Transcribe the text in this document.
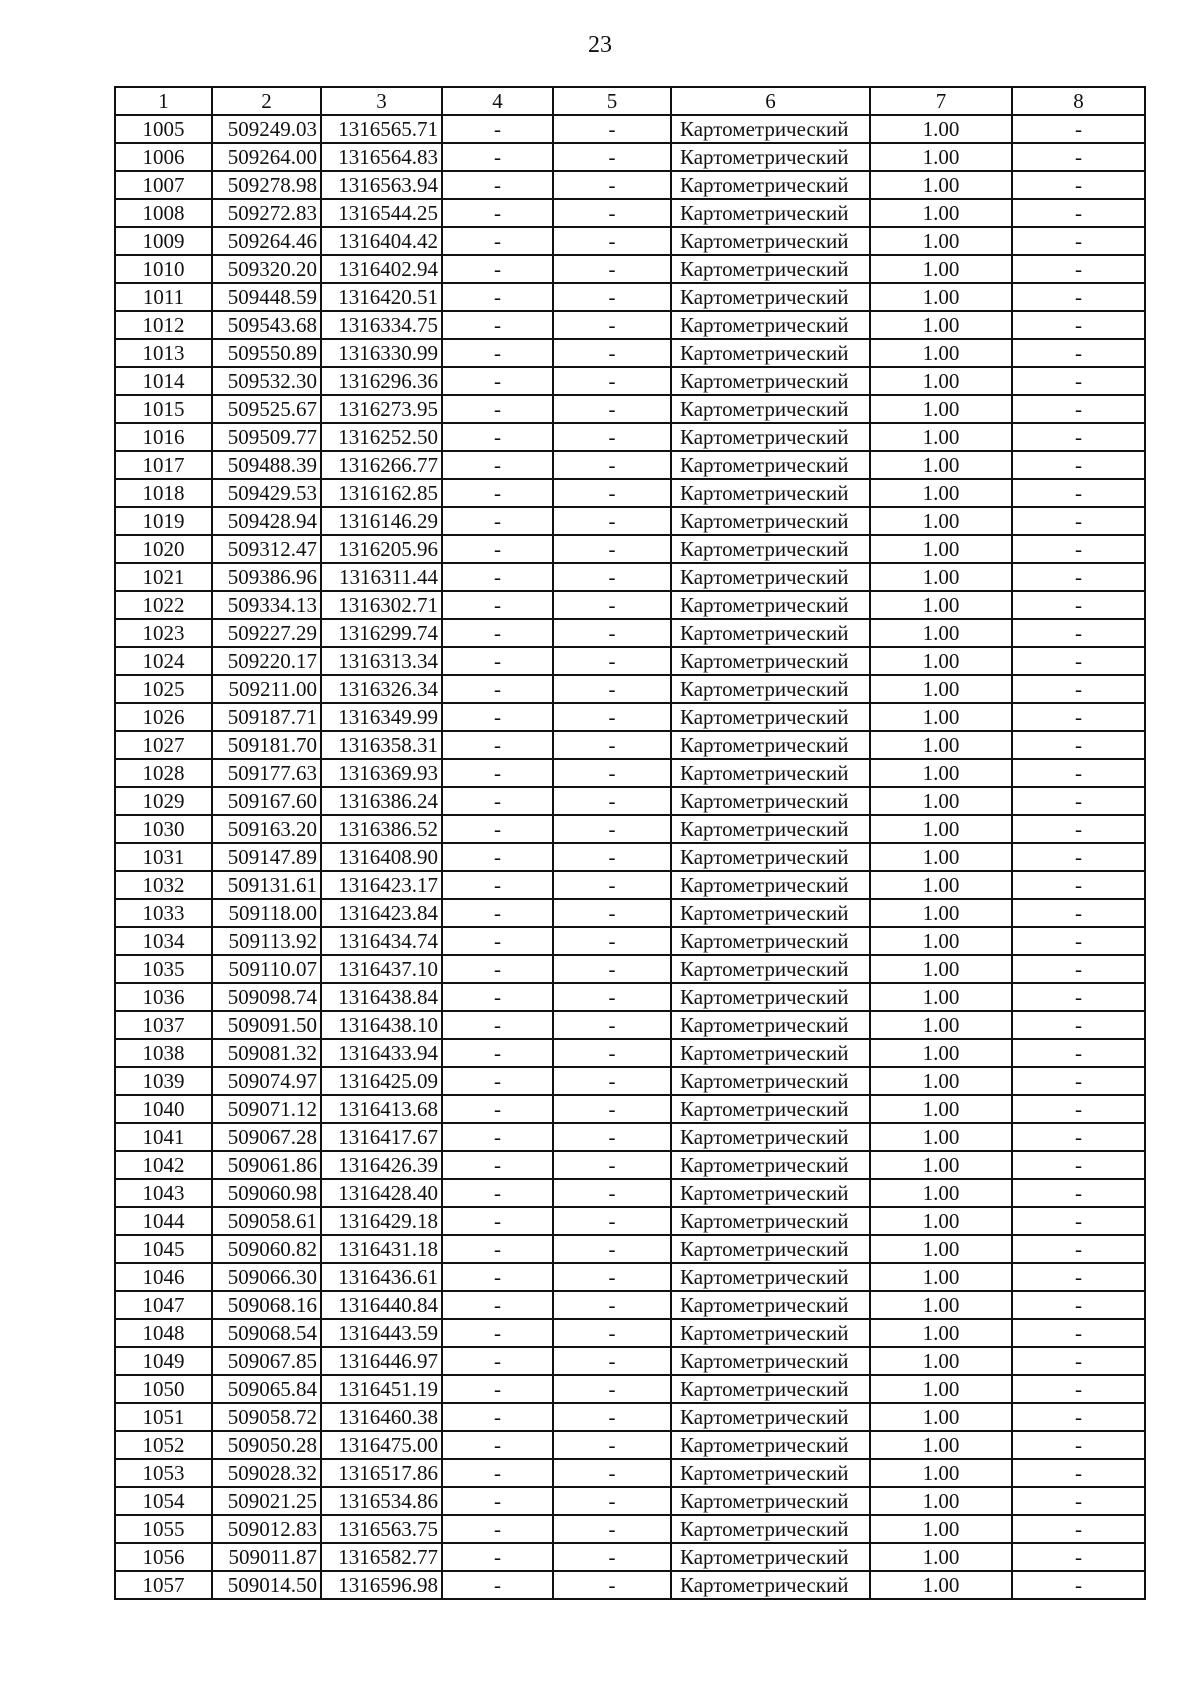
23
1	2	3	4	5	6	7	8
1005	509249.03	1316565.71	-	-	Картометрический	1.00	-
1006	509264.00	1316564.83	-	-	Картометрический	1.00	-
1007	509278.98	1316563.94	-	-	Картометрический	1.00	-
1008	509272.83	1316544.25	-	-	Картометрический	1.00	-
1009	509264.46	1316404.42	-	-	Картометрический	1.00	-
1010	509320.20	1316402.94	-	-	Картометрический	1.00	-
1011	509448.59	1316420.51	-	-	Картометрический	1.00	-
1012	509543.68	1316334.75	-	-	Картометрический	1.00	-
1013	509550.89	1316330.99	-	-	Картометрический	1.00	-
1014	509532.30	1316296.36	-	-	Картометрический	1.00	-
1015	509525.67	1316273.95	-	-	Картометрический	1.00	-
1016	509509.77	1316252.50	-	-	Картометрический	1.00	-
1017	509488.39	1316266.77	-	-	Картометрический	1.00	-
1018	509429.53	1316162.85	-	-	Картометрический	1.00	-
1019	509428.94	1316146.29	-	-	Картометрический	1.00	-
1020	509312.47	1316205.96	-	-	Картометрический	1.00	-
1021	509386.96	1316311.44	-	-	Картометрический	1.00	-
1022	509334.13	1316302.71	-	-	Картометрический	1.00	-
1023	509227.29	1316299.74	-	-	Картометрический	1.00	-
1024	509220.17	1316313.34	-	-	Картометрический	1.00	-
1025	509211.00	1316326.34	-	-	Картометрический	1.00	-
1026	509187.71	1316349.99	-	-	Картометрический	1.00	-
1027	509181.70	1316358.31	-	-	Картометрический	1.00	-
1028	509177.63	1316369.93	-	-	Картометрический	1.00	-
1029	509167.60	1316386.24	-	-	Картометрический	1.00	-
1030	509163.20	1316386.52	-	-	Картометрический	1.00	-
1031	509147.89	1316408.90	-	-	Картометрический	1.00	-
1032	509131.61	1316423.17	-	-	Картометрический	1.00	-
1033	509118.00	1316423.84	-	-	Картометрический	1.00	-
1034	509113.92	1316434.74	-	-	Картометрический	1.00	-
1035	509110.07	1316437.10	-	-	Картометрический	1.00	-
1036	509098.74	1316438.84	-	-	Картометрический	1.00	-
1037	509091.50	1316438.10	-	-	Картометрический	1.00	-
1038	509081.32	1316433.94	-	-	Картометрический	1.00	-
1039	509074.97	1316425.09	-	-	Картометрический	1.00	-
1040	509071.12	1316413.68	-	-	Картометрический	1.00	-
1041	509067.28	1316417.67	-	-	Картометрический	1.00	-
1042	509061.86	1316426.39	-	-	Картометрический	1.00	-
1043	509060.98	1316428.40	-	-	Картометрический	1.00	-
1044	509058.61	1316429.18	-	-	Картометрический	1.00	-
1045	509060.82	1316431.18	-	-	Картометрический	1.00	-
1046	509066.30	1316436.61	-	-	Картометрический	1.00	-
1047	509068.16	1316440.84	-	-	Картометрический	1.00	-
1048	509068.54	1316443.59	-	-	Картометрический	1.00	-
1049	509067.85	1316446.97	-	-	Картометрический	1.00	-
1050	509065.84	1316451.19	-	-	Картометрический	1.00	-
1051	509058.72	1316460.38	-	-	Картометрический	1.00	-
1052	509050.28	1316475.00	-	-	Картометрический	1.00	-
1053	509028.32	1316517.86	-	-	Картометрический	1.00	-
1054	509021.25	1316534.86	-	-	Картометрический	1.00	-
1055	509012.83	1316563.75	-	-	Картометрический	1.00	-
1056	509011.87	1316582.77	-	-	Картометрический	1.00	-
1057	509014.50	1316596.98	-	-	Картометрический	1.00	-
